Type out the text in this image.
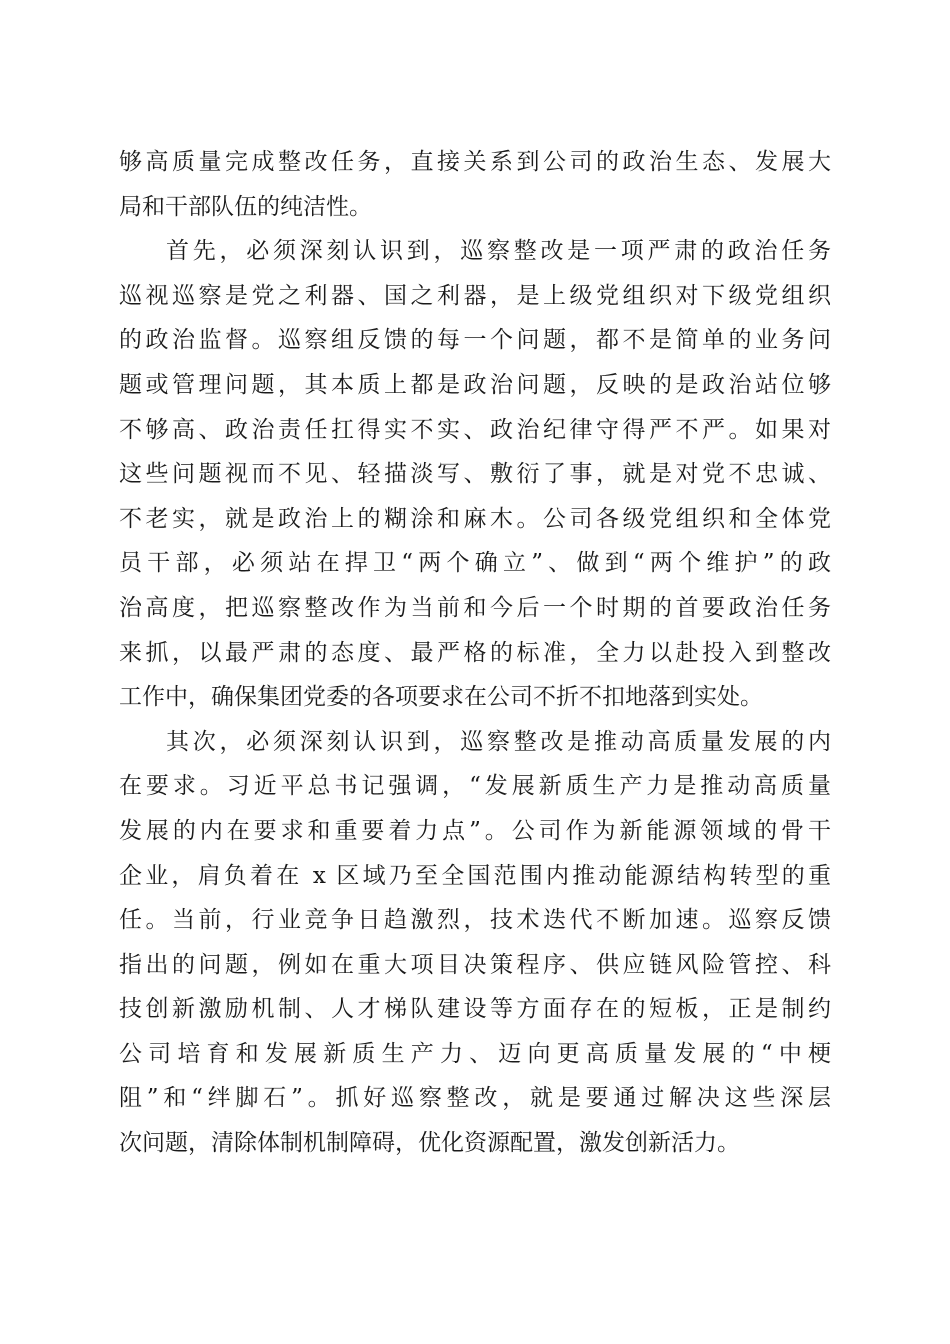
够高质量完成整改任务，直接关系到公司的政治生态、发展大
局和干部队伍的纯洁性。
首先，必须深刻认识到，巡察整改是一项严肃的政治任务
巡视巡察是党之利器、国之利器，是上级党组织对下级党组织
的政治监督。巡察组反馈的每一个问题，都不是简单的业务问
题或管理问题，其本质上都是政治问题，反映的是政治站位够
不够高、政治责任扛得实不实、政治纪律守得严不严。如果对
这些问题视而不见、轻描淡写、敷衍了事，就是对党不忠诚、
不老实，就是政治上的糊涂和麻木。公司各级党组织和全体党
员干部，必须站在捍卫“两个确立”、做到“两个维护”的政
治高度，把巡察整改作为当前和今后一个时期的首要政治任务
来抓，以最严肃的态度、最严格的标准，全力以赴投入到整改
工作中，确保集团党委的各项要求在公司不折不扣地落到实处。
其次，必须深刻认识到，巡察整改是推动高质量发展的内
在要求。习近平总书记强调，“发展新质生产力是推动高质量
发展的内在要求和重要着力点”。公司作为新能源领域的骨干
企业，肩负着在 x 区域乃至全国范围内推动能源结构转型的重
任。当前，行业竞争日趋激烈，技术迭代不断加速。巡察反馈
指出的问题，例如在重大项目决策程序、供应链风险管控、科
技创新激励机制、人才梯队建设等方面存在的短板，正是制约
公司培育和发展新质生产力、迈向更高质量发展的“中梗
阻”和“绊脚石”。抓好巡察整改，就是要通过解决这些深层
次问题，清除体制机制障碍，优化资源配置，激发创新活力。
